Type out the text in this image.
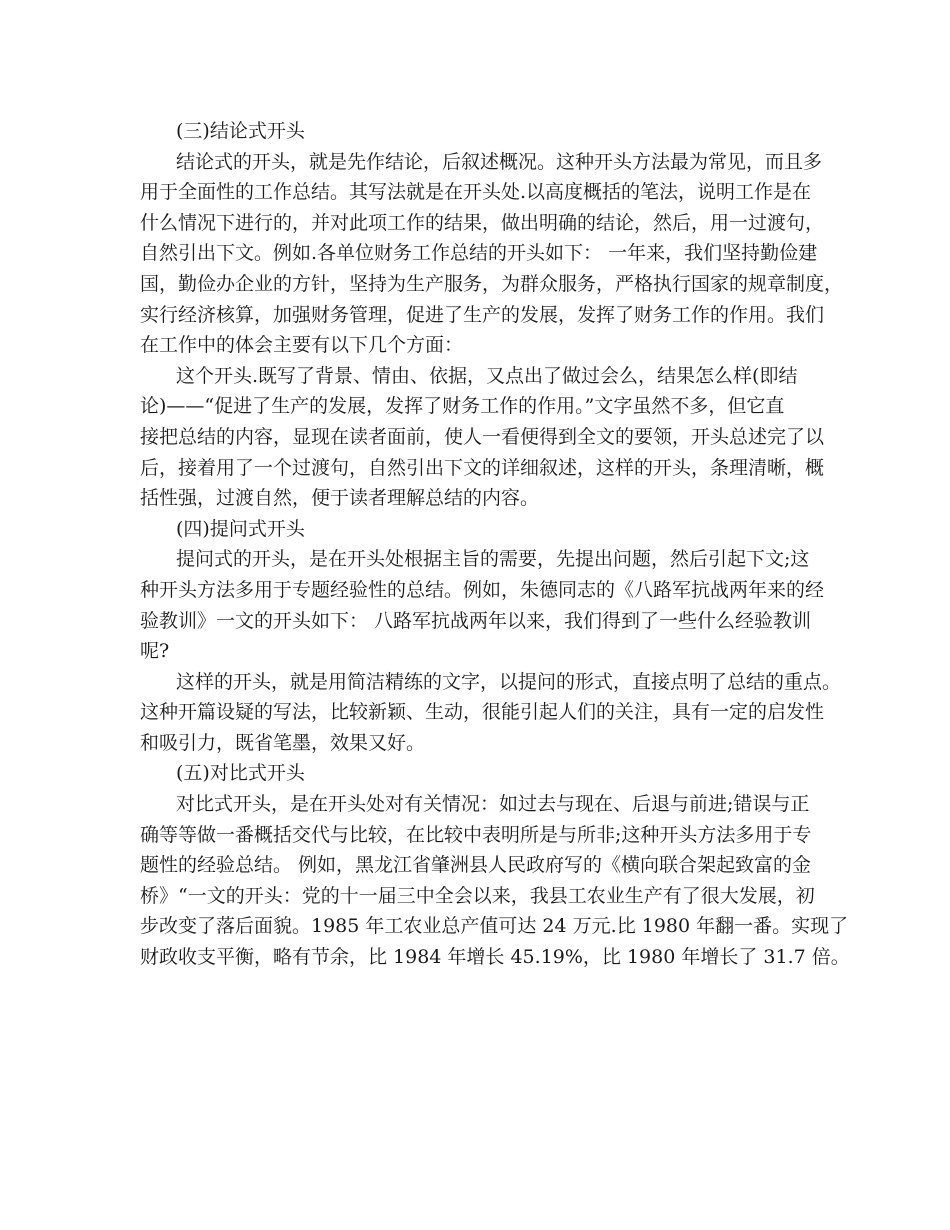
(三)结论式开头
结论式的开头，就是先作结论，后叙述概况。这种开头方法最为常见，而且多
用于全面性的工作总结。其写法就是在开头处.以高度概括的笔法，说明工作是在
什么情况下进行的，并对此项工作的结果，做出明确的结论，然后，用一过渡句，
自然引出下文。例如.各单位财务工作总结的开头如下： 一年来，我们坚持勤俭建
国，勤俭办企业的方针，坚持为生产服务，为群众服务，严格执行国家的规章制度，
实行经济核算，加强财务管理，促进了生产的发展，发挥了财务工作的作用。我们
在工作中的体会主要有以下几个方面：
这个开头.既写了背景、情由、依据，又点出了做过会么，结果怎么样(即结
论)——“促进了生产的发展，发挥了财务工作的作用。”文字虽然不多，但它直
接把总结的内容，显现在读者面前，使人一看便得到全文的要领，开头总述完了以
后，接着用了一个过渡句，自然引出下文的详细叙述，这样的开头，条理清晰，概
括性强，过渡自然，便于读者理解总结的内容。
(四)提问式开头
提问式的开头，是在开头处根据主旨的需要，先提出问题，然后引起下文;这
种开头方法多用于专题经验性的总结。例如，朱德同志的《八路军抗战两年来的经
验教训》一文的开头如下： 八路军抗战两年以来，我们得到了一些什么经验教训
呢?
这样的开头，就是用简洁精练的文字，以提问的形式，直接点明了总结的重点。
这种开篇设疑的写法，比较新颖、生动，很能引起人们的关注，具有一定的启发性
和吸引力，既省笔墨，效果又好。
(五)对比式开头
对比式开头，是在开头处对有关情况：如过去与现在、后退与前进;错误与正
确等等做一番概括交代与比较，在比较中表明所是与所非;这种开头方法多用于专
题性的经验总结。 例如，黑龙江省肇洲县人民政府写的《横向联合架起致富的金
桥》“一文的开头：党的十一届三中全会以来，我县工农业生产有了很大发展，初
步改变了落后面貌。1985 年工农业总产值可达 24 万元.比 1980 年翻一番。实现了
财政收支平衡，略有节余，比 1984 年增长 45.19%，比 1980 年增长了 31.7 倍。
